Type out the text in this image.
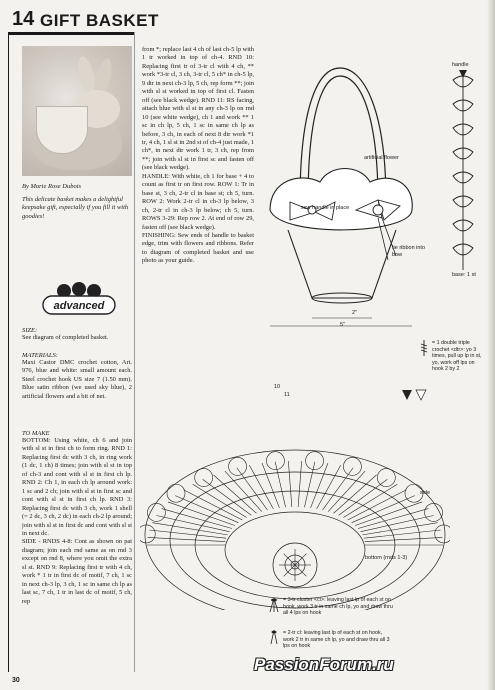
14 GIFT BASKET
By Marie Rose Dubois
This delicate basket makes a delightful keepsake gift, especially if you fill it with goodies!
advanced
SIZE:
See diagram of completed basket.
MATERIALS:
Maxi Castor DMC crochet cotton, Art. 976, blue and white: small amount each. Steel crochet hook US size 7 (1.50 mm). Blue satin ribbon (we used sky blue), 2 artificial flowers and a bit of net.
TO MAKE
BOTTOM: Using white, ch 6 and join with sl st in first ch to form ring. RND 1: Replacing first dc with 3 ch, in ring work (1 dc, 1 ch) 8 times; join with sl st in top of ch-3 and cont with sl st in first ch lp. RND 2: Ch 1, in each ch lp around work: 1 sc and 2 ch; join with sl st in first sc and cont with sl st in first ch lp. RND 3: Replacing first dc with 3 ch, work 1 shell (= 2 dc, 3 ch, 2 dc) in each ch-2 lp around; join with sl st in first dc and cont with sl st in next dc.
SIDE - RNDS 4-8: Cont as shown on pat diagram; join each rnd same as on rnd 3 except on rnd 8, where you omit the extra sl st. RND 9: Replacing first tr with 4 ch, work * 1 tr in first dc of motif, 7 ch, 1 sc in next ch-3 lp, 3 ch, 1 sc in same ch lp as last sc, 7 ch, 1 tr in last dc of motif, 5 ch, rep
from *; replace last 4 ch of last ch-5 lp with 1 tr worked in top of ch-4. RND 10: Replacing first tr of 3-tr cl with 4 ch, ** work *3-tr cl, 3 ch, 3-tr cl, 5 ch* in ch-5 lp, 9 dtr in next ch-3 lp, 5 ch, rep form **; join with sl st worked in top of first cl. Fasten off (see black wedge). RND 11: RS facing, attach blue with sl st in any ch-3 lp on rnd 10 (see white wedge), ch 1 and work ** 1 sc in ch lp, 5 ch, 1 sc in same ch lp as before, 3 ch, in each of next 8 dtr work *1 tr, 4 ch, 1 sl st in 2nd st of ch-4 just made, 1 ch*, in next dtr work 1 tr, 3 ch, rep from **; join with sl st in first sc and fasten off (see black wedge).
HANDLE: With white, ch 1 for base + 4 to count as first tr on first row. ROW 1: Tr in base st, 3 ch, 2-tr cl in base st; ch 5, turn. ROW 2: Work 2-tr cl in ch-3 lp below, 3 ch, 2-tr cl in ch-3 lp below; ch 5, turn. ROWS 3-29: Rep row 2. At end of row 29, fasten off (see black wedge).
FINISHING: Sew ends of handle to basket edge, trim with flowers and ribbons. Refer to diagram of completed basket and use photo as your guide.
artificial flower
sew handle in place
tie ribbon into bow
2"
5"
handle
base: 1 st
10
11
side
bottom (rnds 1-3)
= 1 double triple crochet <dtr>: yo 3 times, pull up lp in st, yo, work off lps on hook 2 by 2
= 3-tr cluster <cl>: leaving last lp of each st on hook, work 3 tr in same ch lp, yo and draw thru all 4 lps on hook
= 2-tr cl: leaving last lp of each st on hook, work 2 tr in same ch lp, yo and draw thru all 3 lps on hook
30
PassionForum.ru
